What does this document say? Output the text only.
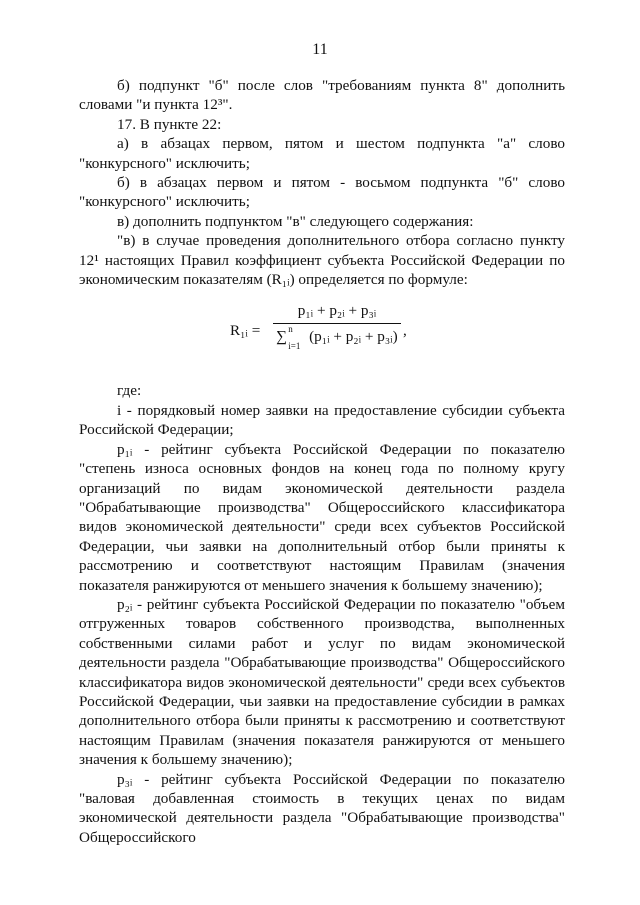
11

б) подпункт "б" после слов "требованиям пункта 8" дополнить словами "и пункта 12³".

17. В пункте 22:

а) в абзацах первом, пятом и шестом подпункта "а" слово "конкурсного" исключить;

б) в абзацах первом и пятом - восьмом подпункта "б" слово "конкурсного" исключить;

в) дополнить подпунктом "в" следующего содержания:

"в) в случае проведения дополнительного отбора согласно пункту 12¹ настоящих Правил коэффициент субъекта Российской Федерации по экономическим показателям (R₁ᵢ) определяется по формуле:

R₁ᵢ =
p₁ᵢ + p₂ᵢ + p₃ᵢ
∑ n
i=1
(p₁ᵢ + p₂ᵢ + p₃ᵢ) ,

где:

i - порядковый номер заявки на предоставление субсидии субъекта Российской Федерации;

p₁ᵢ - рейтинг субъекта Российской Федерации по показателю "степень износа основных фондов на конец года по полному кругу организаций по видам экономической деятельности раздела "Обрабатывающие производства" Общероссийского классификатора видов экономической деятельности" среди всех субъектов Российской Федерации, чьи заявки на дополнительный отбор были приняты к рассмотрению и соответствуют настоящим Правилам (значения показателя ранжируются от меньшего значения к большему значению);

p₂ᵢ - рейтинг субъекта Российской Федерации по показателю "объем отгруженных товаров собственного производства, выполненных собственными силами работ и услуг по видам экономической деятельности раздела "Обрабатывающие производства" Общероссийского классификатора видов экономической деятельности" среди всех субъектов Российской Федерации, чьи заявки на предоставление субсидии в рамках дополнительного отбора были приняты к рассмотрению и соответствуют настоящим Правилам (значения показателя ранжируются от меньшего значения к большему значению);

p₃ᵢ - рейтинг субъекта Российской Федерации по показателю "валовая добавленная стоимость в текущих ценах по видам экономической деятельности раздела "Обрабатывающие производства" Общероссийского
